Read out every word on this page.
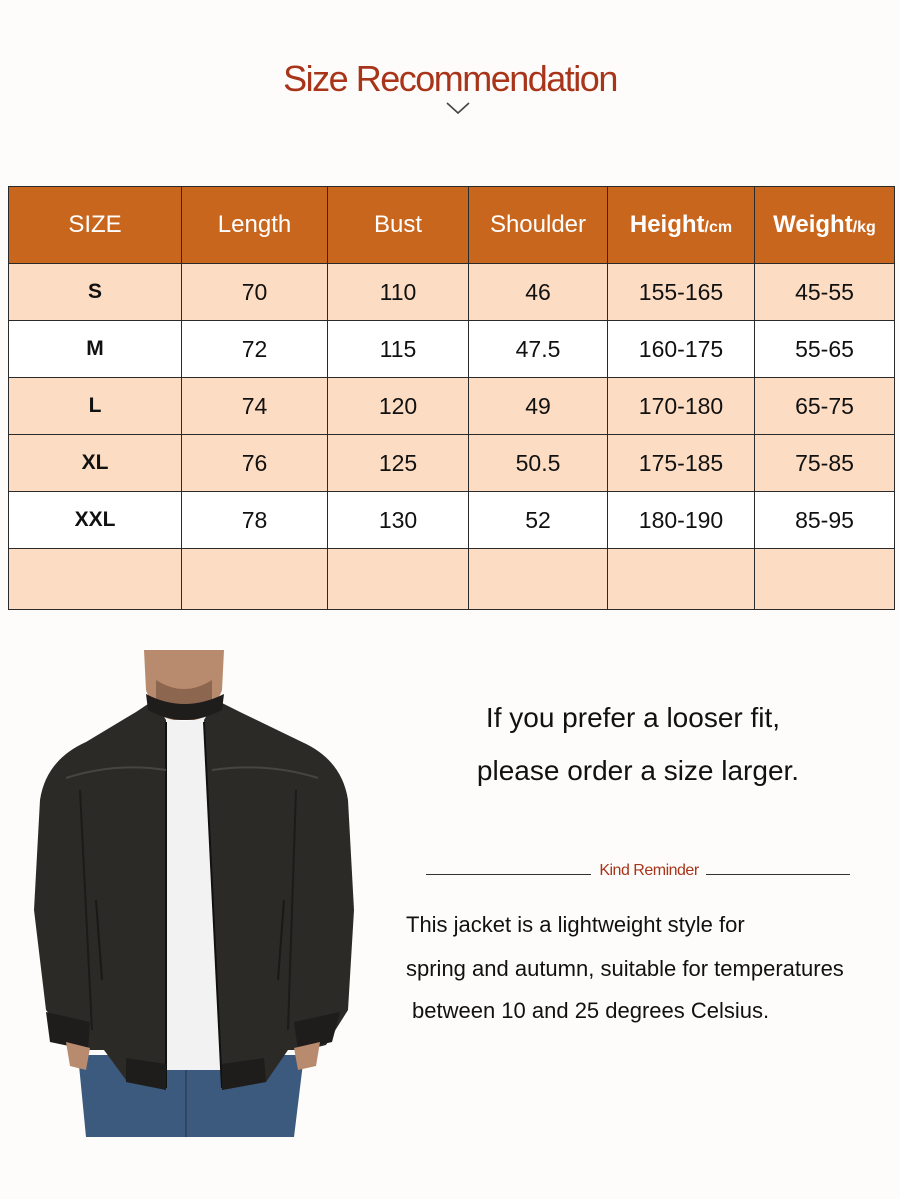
Size Recommendation
SIZE	Length	Bust	Shoulder	Height/cm	Weight/kg
S	70	110	46	155-165	45-55
M	72	115	47.5	160-175	55-65
L	74	120	49	170-180	65-75
XL	76	125	50.5	175-185	75-85
XXL	78	130	52	180-190	85-95

If you prefer a looser fit,

please order a size larger.

Kind Reminder

This jacket is a lightweight style for

spring and autumn, suitable for temperatures

between 10 and 25 degrees Celsius.
